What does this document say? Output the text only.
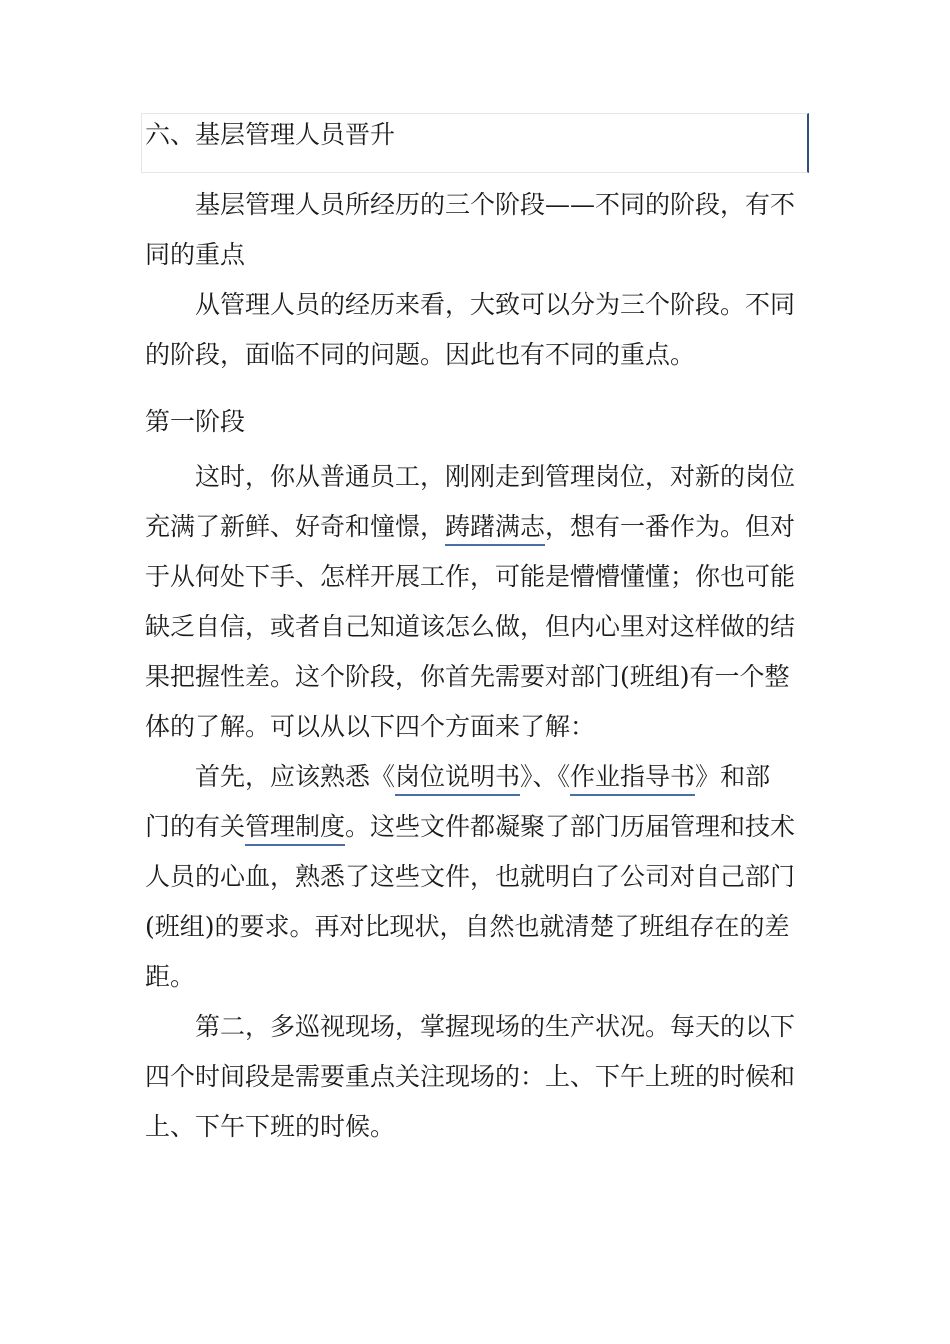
六、基层管理人员晋升

基层管理人员所经历的三个阶段——不同的阶段，有不
同的重点

从管理人员的经历来看，大致可以分为三个阶段。不同
的阶段，面临不同的问题。因此也有不同的重点。

第一阶段

这时，你从普通员工，刚刚走到管理岗位，对新的岗位
充满了新鲜、好奇和憧憬，踌躇满志，想有一番作为。但对
于从何处下手、怎样开展工作，可能是懵懵懂懂；你也可能
缺乏自信，或者自己知道该怎么做，但内心里对这样做的结
果把握性差。这个阶段，你首先需要对部门(班组)有一个整
体的了解。可以从以下四个方面来了解：

首先，应该熟悉《岗位说明书》、《作业指导书》和部
门的有关管理制度。这些文件都凝聚了部门历届管理和技术
人员的心血，熟悉了这些文件，也就明白了公司对自己部门
(班组)的要求。再对比现状，自然也就清楚了班组存在的差
距。

第二，多巡视现场，掌握现场的生产状况。每天的以下
四个时间段是需要重点关注现场的：上、下午上班的时候和
上、下午下班的时候。
